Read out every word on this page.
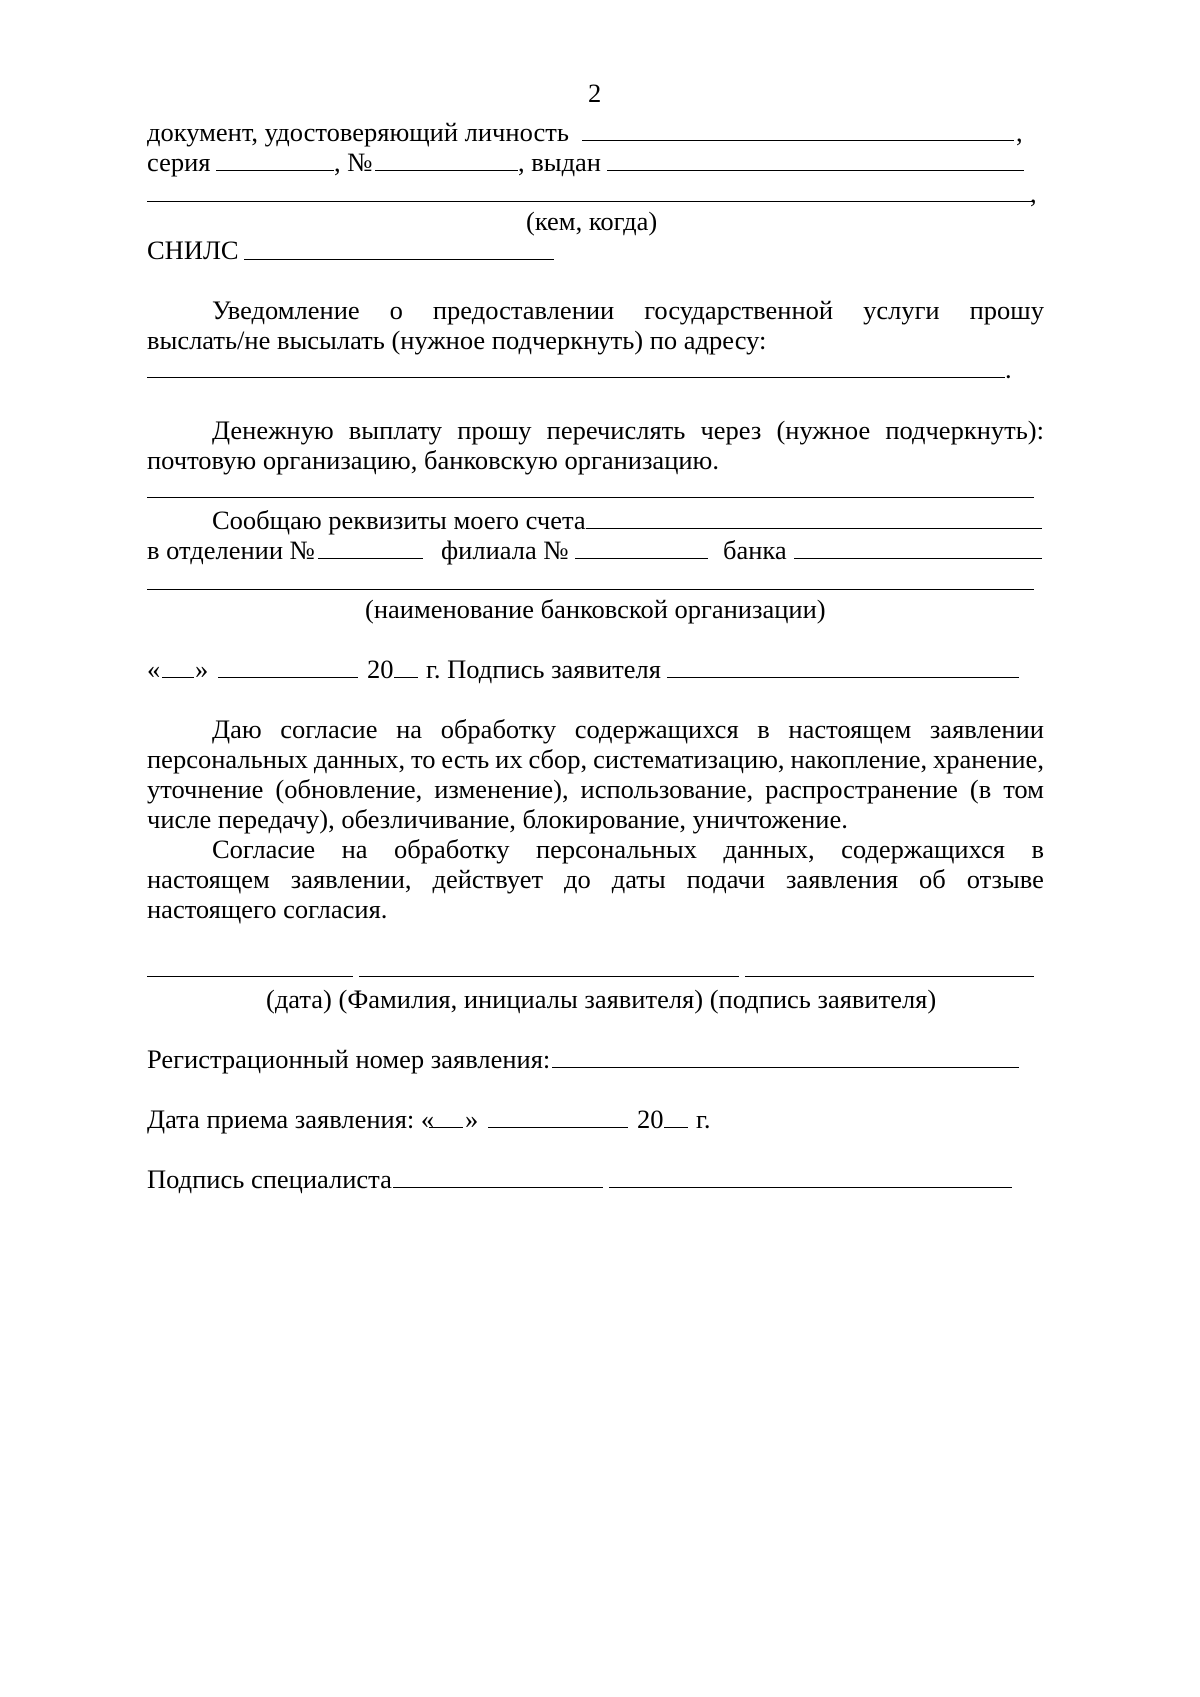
2
документ, удостоверяющий личность	,
серия	, №	, выдан
,
(кем, когда)
СНИЛС
Уведомление о предоставлении государственной услуги прошу
выслать/не высылать (нужное подчеркнуть) по адресу:
.
Денежную выплату прошу перечислять через (нужное подчеркнуть):
почтовую организацию, банковскую организацию.
Сообщаю реквизиты моего счета
в отделении №	филиала №	банка
(наименование банковской организации)
« »	20 г. Подпись заявителя
Даю согласие на обработку содержащихся в настоящем заявлении
персональных данных, то есть их сбор, систематизацию, накопление, хранение,
уточнение (обновление, изменение), использование, распространение (в том
числе передачу), обезличивание, блокирование, уничтожение.
Согласие на обработку персональных данных, содержащихся в
настоящем заявлении, действует до даты подачи заявления об отзыве
настоящего согласия.
(дата) (Фамилия, инициалы заявителя) (подпись заявителя)
Регистрационный номер заявления:
Дата приема заявления: « »	20 г.
Подпись специалиста
